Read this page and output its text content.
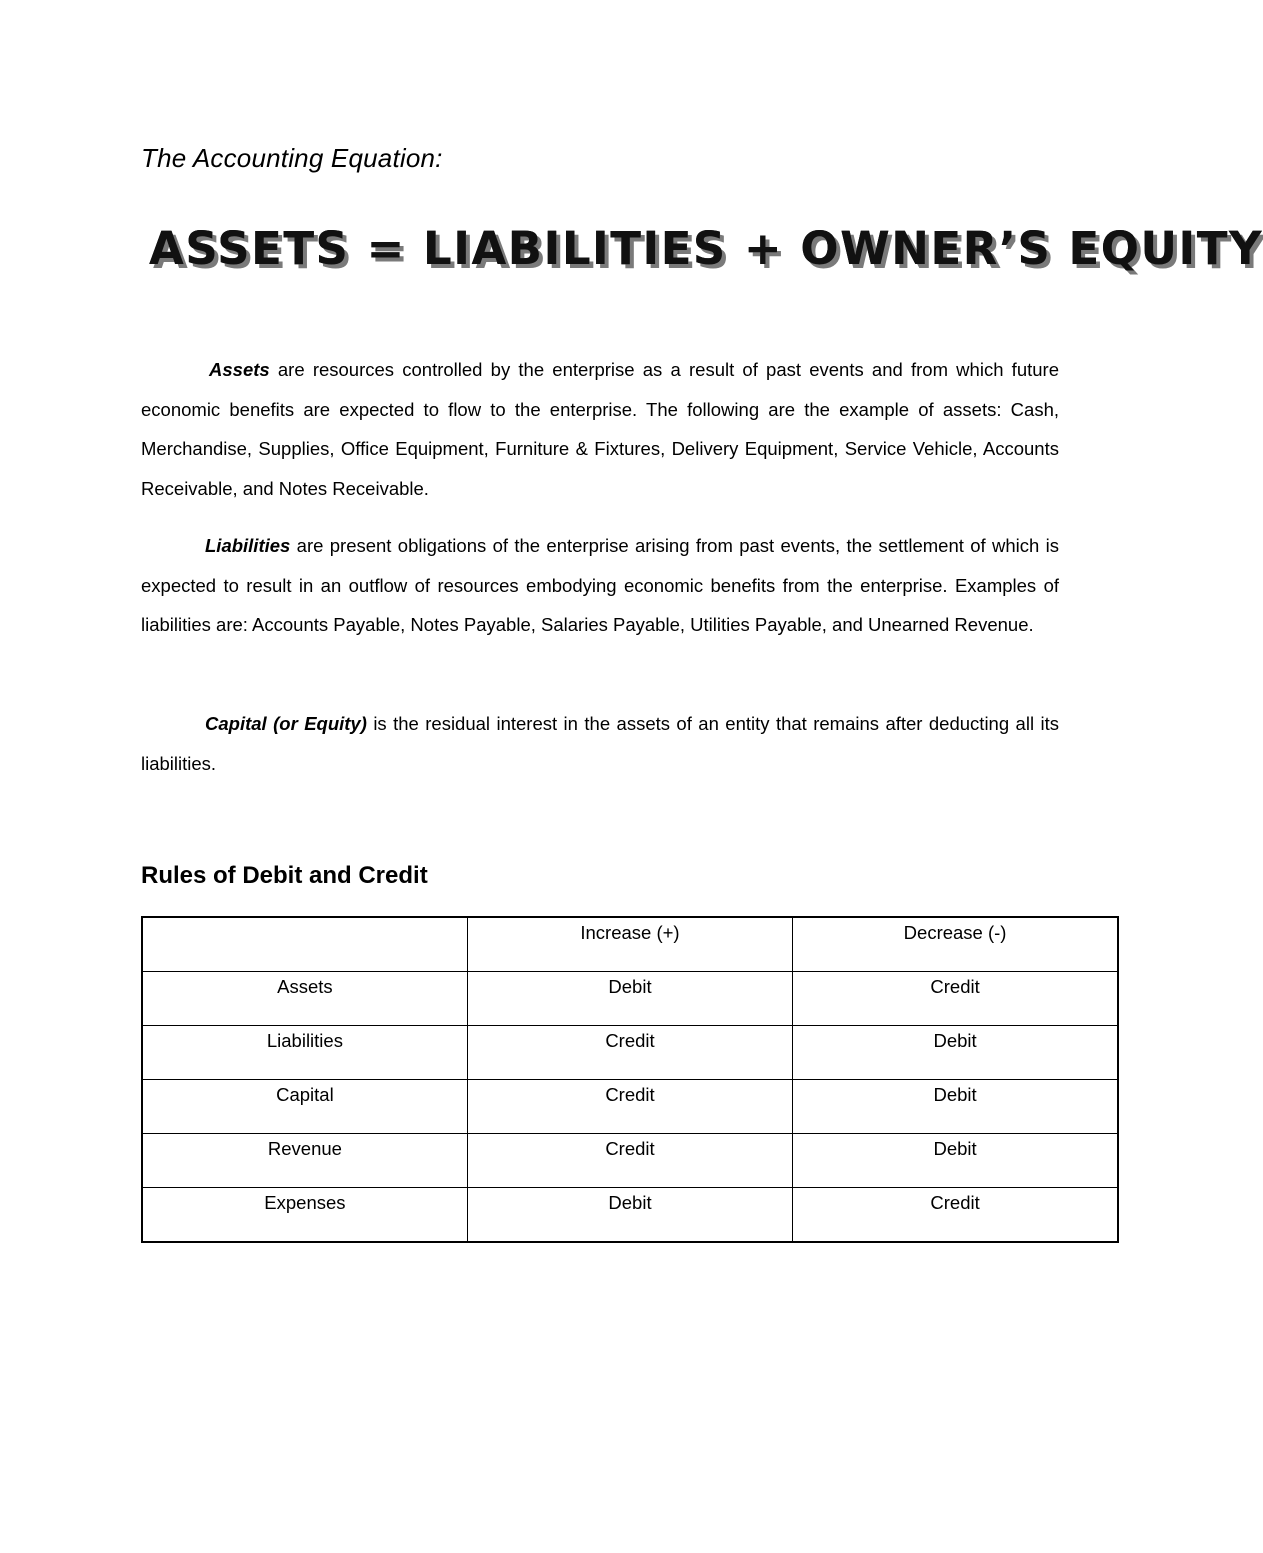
The Accounting Equation:
ASSETS = LIABILITIES + OWNER’S EQUITY
Assets are resources controlled by the enterprise as a result of past events and from which future economic benefits are expected to flow to the enterprise. The following are the example of assets: Cash, Merchandise, Supplies, Office Equipment, Furniture & Fixtures, Delivery Equipment, Service Vehicle, Accounts Receivable, and Notes Receivable.
Liabilities are present obligations of the enterprise arising from past events, the settlement of which is expected to result in an outflow of resources embodying economic benefits from the enterprise. Examples of liabilities are: Accounts Payable, Notes Payable, Salaries Payable, Utilities Payable, and Unearned Revenue.
Capital (or Equity) is the residual interest in the assets of an entity that remains after deducting all its liabilities.
Rules of Debit and Credit
	Increase (+)	Decrease (-)
Assets	Debit	Credit
Liabilities	Credit	Debit
Capital	Credit	Debit
Revenue	Credit	Debit
Expenses	Debit	Credit
